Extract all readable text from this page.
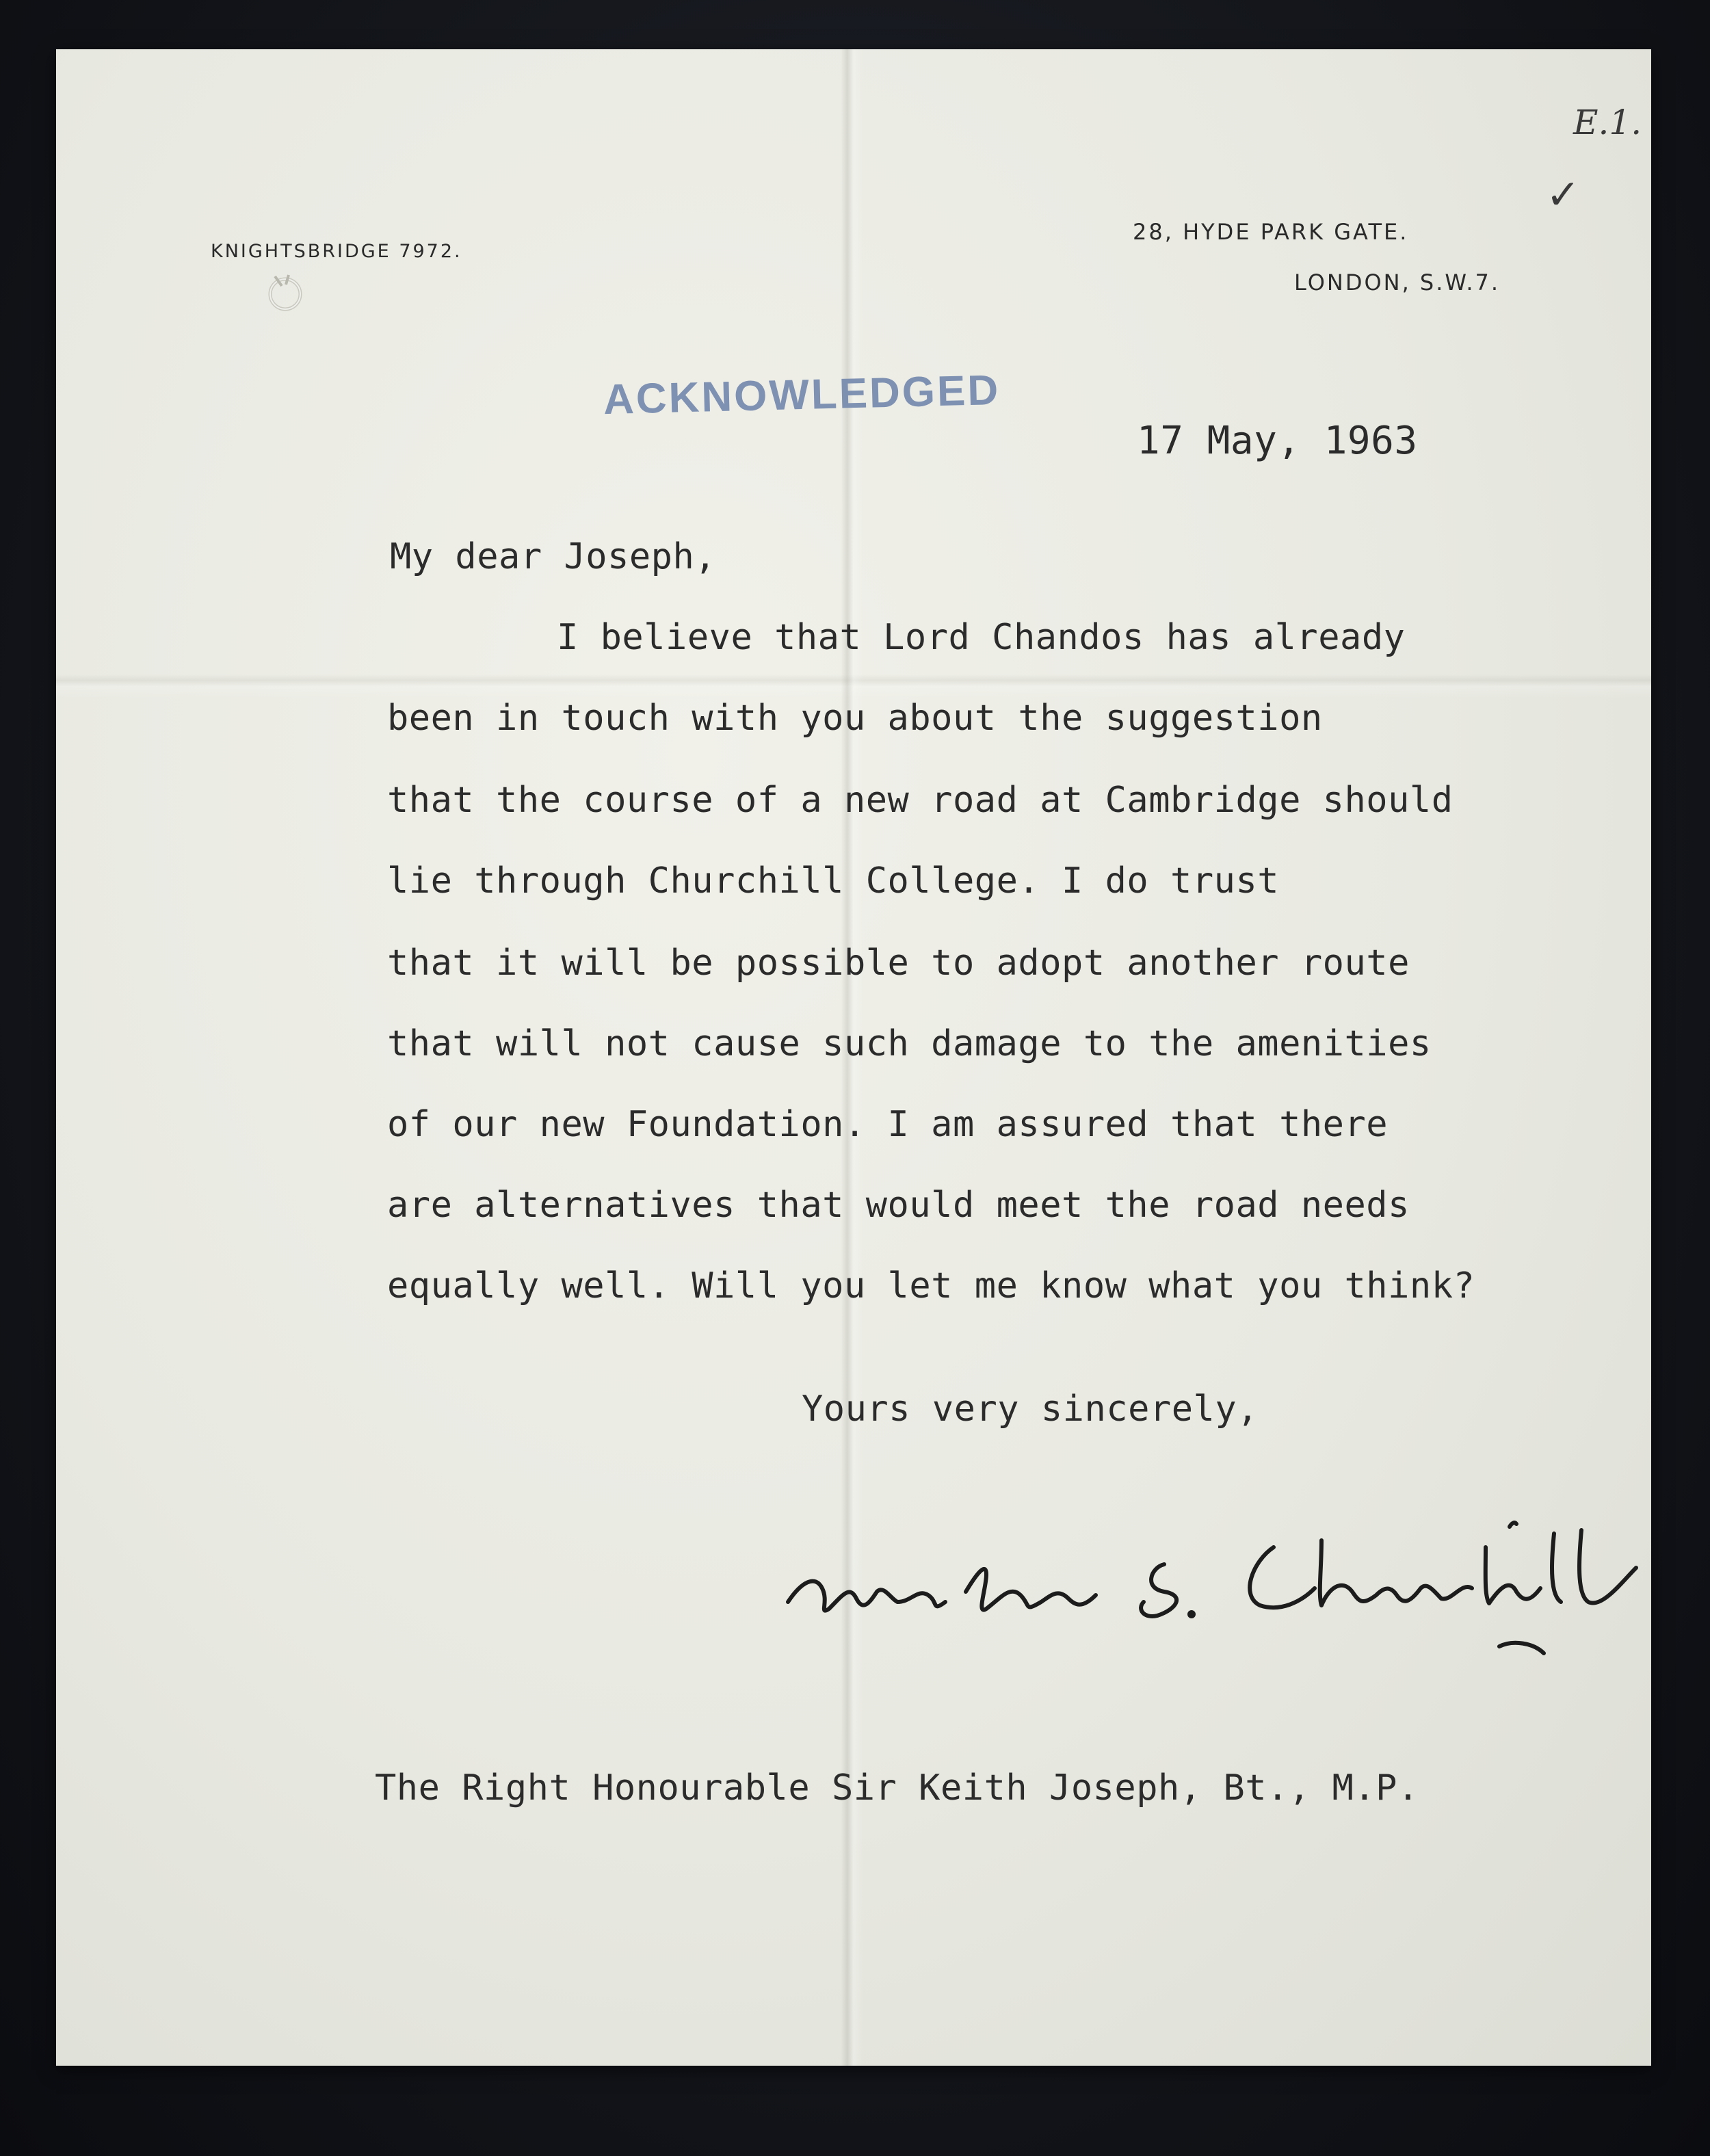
KNIGHTSBRIDGE 7972.
28, HYDE PARK GATE.
LONDON, S.W.7.
E.1.
✓
ACKNOWLEDGED
17 May, 1963
My dear Joseph,
I believe that Lord Chandos has already
been in touch with you about the suggestion
that the course of a new road at Cambridge should
lie through Churchill College. I do trust
that it will be possible to adopt another route
that will not cause such damage to the amenities
of our new Foundation. I am assured that there
are alternatives that would meet the road needs
equally well. Will you let me know what you think?
Yours very sincerely,
The Right Honourable Sir Keith Joseph, Bt., M.P.
